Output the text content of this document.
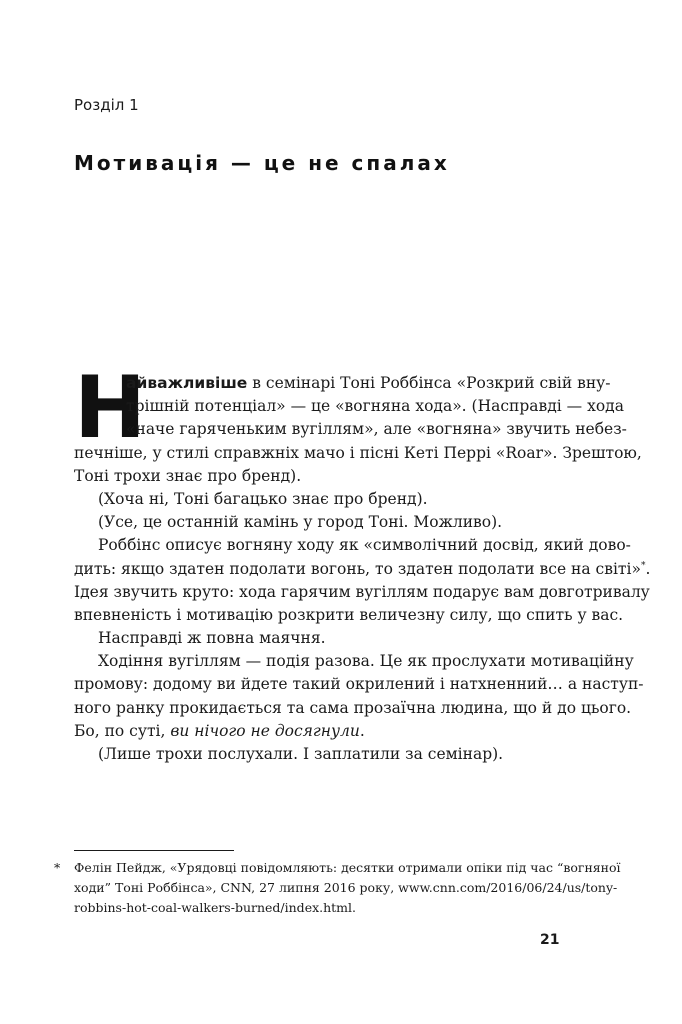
Розділ 1

Мотивація — це не спалах
Н
айважливіше в семінарі Тоні Роббінса «Розкрий свій вну-
трішній потенціал» — це «вогняна хода». (Насправді — хода
«наче гаряченьким вугіллям», але «вогняна» звучить небез-
печніше, у стилі справжніх мачо і пісні Кеті Перрі «Roar». Зрештою,
Тоні трохи знає про бренд).
(Хоча ні, Тоні багацько знає про бренд).
(Усе, це останній камінь у город Тоні. Можливо).
Роббінс описує вогняну ходу як «символічний досвід, який дово-
дить: якщо здатен подолати вогонь, то здатен подолати все на світі»*.
Ідея звучить круто: хода гарячим вугіллям подарує вам довготривалу
впевненість і мотивацію розкрити величезну силу, що спить у вас.
Насправді ж повна маячня.
Ходіння вугіллям — подія разова. Це як прослухати мотиваційну
промову: додому ви йдете такий окрилений і натхненний… а наступ-
ного ранку прокидається та сама прозаїчна людина, що й до цього.
Бо, по суті, ви нічого не досягнули.
(Лише трохи послухали. І заплатили за семінар).
* Фелін Пейдж, «Урядовці повідомляють: десятки отримали опіки під час “вогняної
ходи” Тоні Роббінса», CNN, 27 липня 2016 року, www.cnn.com/2016/06/24/us/tony-
robbins-hot-coal-walkers-burned/index.html.
21
